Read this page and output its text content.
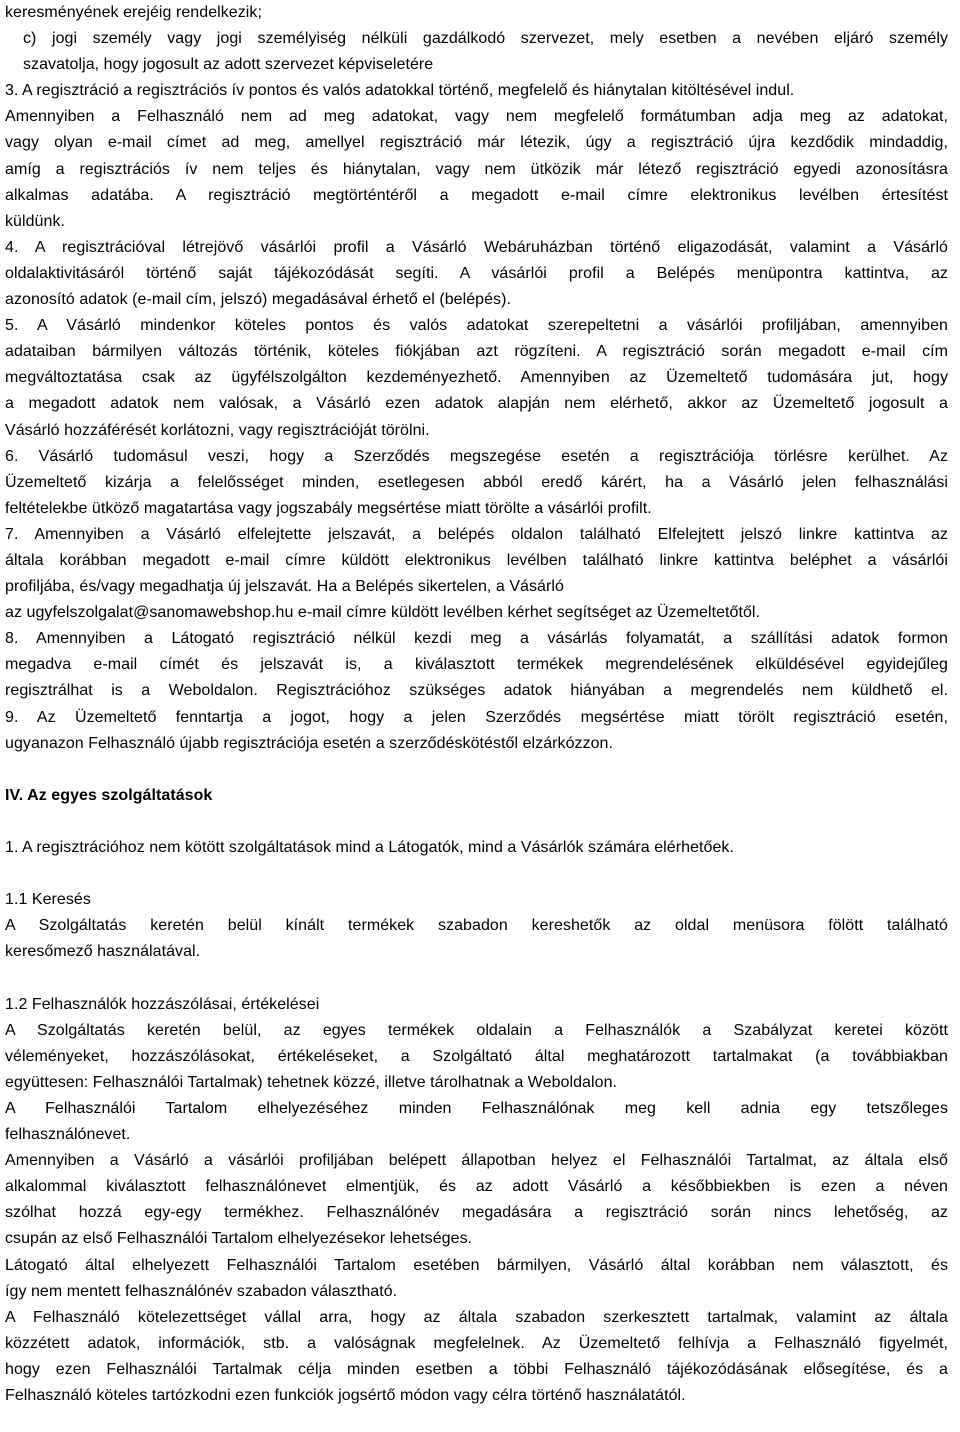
keresményének erejéig rendelkezik;
c) jogi személy vagy jogi személyiség nélküli gazdálkodó szervezet, mely esetben a nevében eljáró személy
szavatolja, hogy jogosult az adott szervezet képviseletére
3. A regisztráció a regisztrációs ív pontos és valós adatokkal történő, megfelelő és hiánytalan kitöltésével indul.
Amennyiben a Felhasználó nem ad meg adatokat, vagy nem megfelelő formátumban adja meg az adatokat,
vagy olyan e-mail címet ad meg, amellyel regisztráció már létezik, úgy a regisztráció újra kezdődik mindaddig,
amíg a regisztrációs ív nem teljes és hiánytalan, vagy nem ütközik már létező regisztráció egyedi azonosításra
alkalmas adatába. A regisztráció megtörténtéről a megadott e-mail címre elektronikus levélben értesítést
küldünk.
4. A regisztrációval létrejövő vásárlói profil a Vásárló Webáruházban történő eligazodását, valamint a Vásárló
oldalaktivitásáról történő saját tájékozódását segíti. A vásárlói profil a Belépés menüpontra kattintva, az
azonosító adatok (e-mail cím, jelszó) megadásával érhető el (belépés).
5. A Vásárló mindenkor köteles pontos és valós adatokat szerepeltetni a vásárlói profiljában, amennyiben
adataiban bármilyen változás történik, köteles fiókjában azt rögzíteni. A regisztráció során megadott e-mail cím
megváltoztatása csak az ügyfélszolgálton kezdeményezhető. Amennyiben az Üzemeltető tudomására jut, hogy
a megadott adatok nem valósak, a Vásárló ezen adatok alapján nem elérhető, akkor az Üzemeltető jogosult a
Vásárló hozzáférését korlátozni, vagy regisztrációját törölni.
6. Vásárló tudomásul veszi, hogy a Szerződés megszegése esetén a regisztrációja törlésre kerülhet. Az
Üzemeltető kizárja a felelősséget minden, esetlegesen abból eredő kárért, ha a Vásárló jelen felhasználási
feltételekbe ütköző magatartása vagy jogszabály megsértése miatt törölte a vásárlói profilt.
7. Amennyiben a Vásárló elfelejtette jelszavát, a belépés oldalon található Elfelejtett jelszó linkre kattintva az
általa korábban megadott e-mail címre küldött elektronikus levélben található linkre kattintva beléphet a vásárlói
profiljába, és/vagy megadhatja új jelszavát. Ha a Belépés sikertelen, a Vásárló
az ugyfelszolgalat@sanomawebshop.hu e-mail címre küldött levélben kérhet segítséget az Üzemeltetőtől.
8. Amennyiben a Látogató regisztráció nélkül kezdi meg a vásárlás folyamatát, a szállítási adatok formon
megadva e-mail címét és jelszavát is, a kiválasztott termékek megrendelésének elküldésével egyidejűleg
regisztrálhat is a Weboldalon. Regisztrációhoz szükséges adatok hiányában a megrendelés nem küldhető el.
9. Az Üzemeltető fenntartja a jogot, hogy a jelen Szerződés megsértése miatt törölt regisztráció esetén,
ugyanazon Felhasználó újabb regisztrációja esetén a szerződéskötéstől elzárkózzon.
IV. Az egyes szolgáltatások
1. A regisztrációhoz nem kötött szolgáltatások mind a Látogatók, mind a Vásárlók számára elérhetőek.
1.1 Keresés
A Szolgáltatás keretén belül kínált termékek szabadon kereshetők az oldal menüsora fölött található
keresőmező használatával.
1.2 Felhasználók hozzászólásai, értékelései
A Szolgáltatás keretén belül, az egyes termékek oldalain a Felhasználók a Szabályzat keretei között
véleményeket, hozzászólásokat, értékeléseket, a Szolgáltató által meghatározott tartalmakat (a továbbiakban
együttesen: Felhasználói Tartalmak) tehetnek közzé, illetve tárolhatnak a Weboldalon.
A Felhasználói Tartalom elhelyezéséhez minden Felhasználónak meg kell adnia egy tetszőleges
felhasználónevet.
Amennyiben a Vásárló a vásárlói profiljában belépett állapotban helyez el Felhasználói Tartalmat, az általa első
alkalommal kiválasztott felhasználónevet elmentjük, és az adott Vásárló a későbbiekben is ezen a néven
szólhat hozzá egy-egy termékhez. Felhasználónév megadására a regisztráció során nincs lehetőség, az
csupán az első Felhasználói Tartalom elhelyezésekor lehetséges.
Látogató által elhelyezett Felhasználói Tartalom esetében bármilyen, Vásárló által korábban nem választott, és
így nem mentett felhasználónév szabadon választható.
A Felhasználó kötelezettséget vállal arra, hogy az általa szabadon szerkesztett tartalmak, valamint az általa
közzétett adatok, információk, stb. a valóságnak megfelelnek. Az Üzemeltető felhívja a Felhasználó figyelmét,
hogy ezen Felhasználói Tartalmak célja minden esetben a többi Felhasználó tájékozódásának elősegítése, és a
Felhasználó köteles tartózkodni ezen funkciók jogsértő módon vagy célra történő használatától.
